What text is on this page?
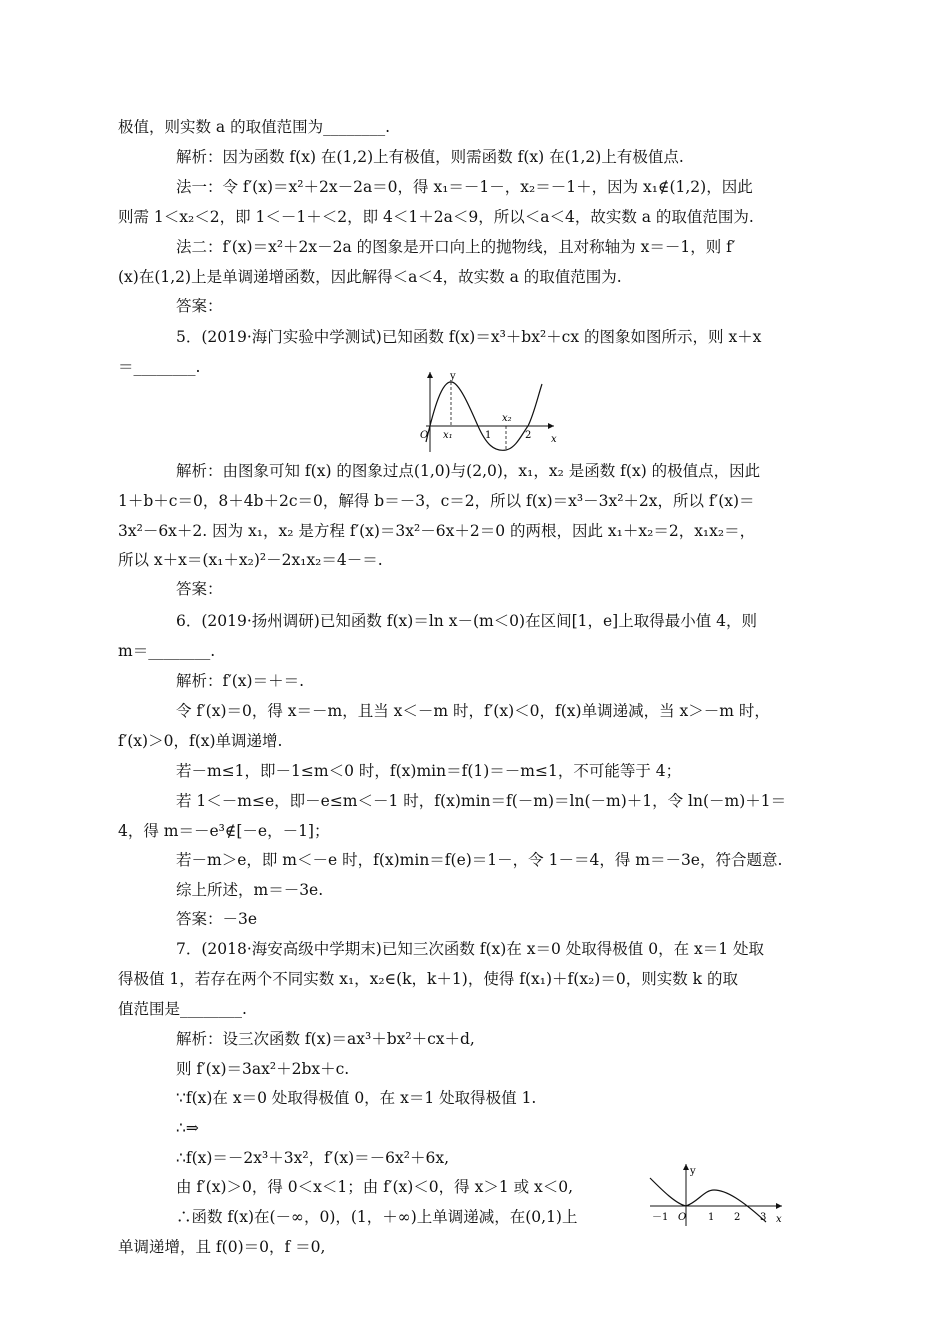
极值，则实数 a 的取值范围为________.
解析：因为函数 f(x) 在(1,2)上有极值，则需函数 f(x) 在(1,2)上有极值点.
法一：令 f′(x)＝x²＋2x－2a＝0，得 x₁＝－1－，x₂＝－1＋，因为 x₁∉(1,2)，因此
则需 1＜x₂＜2，即 1＜－1＋＜2，即 4＜1＋2a＜9，所以＜a＜4，故实数 a 的取值范围为.
法二：f′(x)＝x²＋2x－2a 的图象是开口向上的抛物线，且对称轴为 x＝－1，则 f′
(x)在(1,2)上是单调递增函数，因此解得＜a＜4，故实数 a 的取值范围为.
答案：
5．(2019·海门实验中学测试)已知函数 f(x)＝x³＋bx²＋cx 的图象如图所示，则 x＋x
＝________.
解析：由图象可知 f(x) 的图象过点(1,0)与(2,0)，x₁，x₂ 是函数 f(x) 的极值点，因此
1＋b＋c＝0，8＋4b＋2c＝0，解得 b＝－3，c＝2，所以 f(x)＝x³－3x²＋2x，所以 f′(x)＝
3x²－6x＋2. 因为 x₁，x₂ 是方程 f′(x)＝3x²－6x＋2＝0 的两根，因此 x₁＋x₂＝2，x₁x₂＝，
所以 x＋x＝(x₁＋x₂)²－2x₁x₂＝4－＝.
答案：
6．(2019·扬州调研)已知函数 f(x)＝ln x－(m＜0)在区间[1，e]上取得最小值 4，则
m＝________.
解析：f′(x)＝＋＝.
令 f′(x)＝0，得 x＝－m，且当 x＜－m 时，f′(x)＜0，f(x)单调递减，当 x＞－m 时，
f′(x)＞0，f(x)单调递增.
若－m≤1，即－1≤m＜0 时，f(x)min＝f(1)＝－m≤1，不可能等于 4；
若 1＜－m≤e，即－e≤m＜－1 时，f(x)min＝f(－m)＝ln(－m)＋1，令 ln(－m)＋1＝
4，得 m＝－e³∉[－e，－1]；
若－m＞e，即 m＜－e 时，f(x)min＝f(e)＝1－，令 1－＝4，得 m＝－3e，符合题意.
综上所述，m＝－3e.
答案：－3e
7．(2018·海安高级中学期末)已知三次函数 f(x)在 x＝0 处取得极值 0，在 x＝1 处取
得极值 1，若存在两个不同实数 x₁，x₂∈(k，k＋1)，使得 f(x₁)＋f(x₂)＝0，则实数 k 的取
值范围是________.
解析：设三次函数 f(x)＝ax³＋bx²＋cx＋d,
则 f′(x)＝3ax²＋2bx＋c.
∵f(x)在 x＝0 处取得极值 0，在 x＝1 处取得极值 1.
∴⇒
∴f(x)＝－2x³＋3x²，f′(x)＝－6x²＋6x,
由 f′(x)＞0，得 0＜x＜1；由 f′(x)＜0，得 x＞1 或 x＜0,
∴函数 f(x)在(－∞，0)，(1，＋∞)上单调递减，在(0,1)上
单调递增，且 f(0)＝0，f ＝0,
y
x
O x₁	1
x₂
2
y
x
O
－1	1 2 3
